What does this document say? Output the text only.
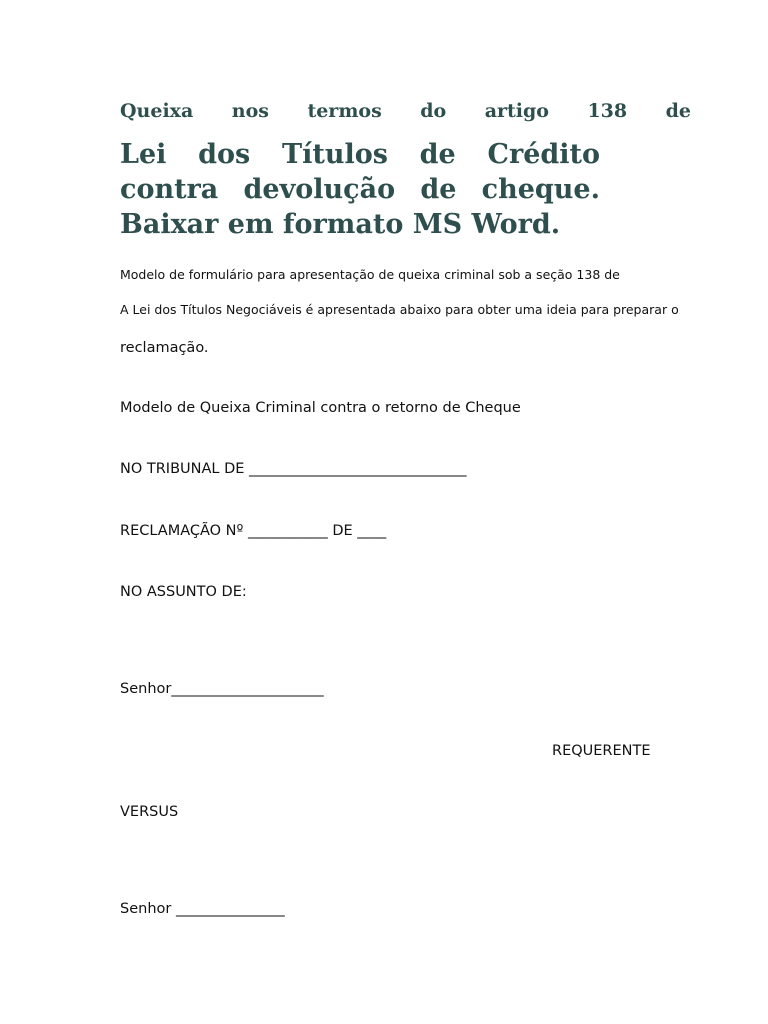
Queixa nos termos do artigo 138 de
Lei dos Títulos de Crédito
contra devolução de cheque.
Baixar em formato MS Word.

Modelo de formulário para apresentação de queixa criminal sob a seção 138 de

A Lei dos Títulos Negociáveis é apresentada abaixo para obter uma ideia para preparar o

reclamação.

Modelo de Queixa Criminal contra o retorno de Cheque

NO TRIBUNAL DE ______________________________

RECLAMAÇÃO Nº ___________ DE ____

NO ASSUNTO DE:

Senhor_____________________

REQUERENTE

VERSUS

Senhor _______________
